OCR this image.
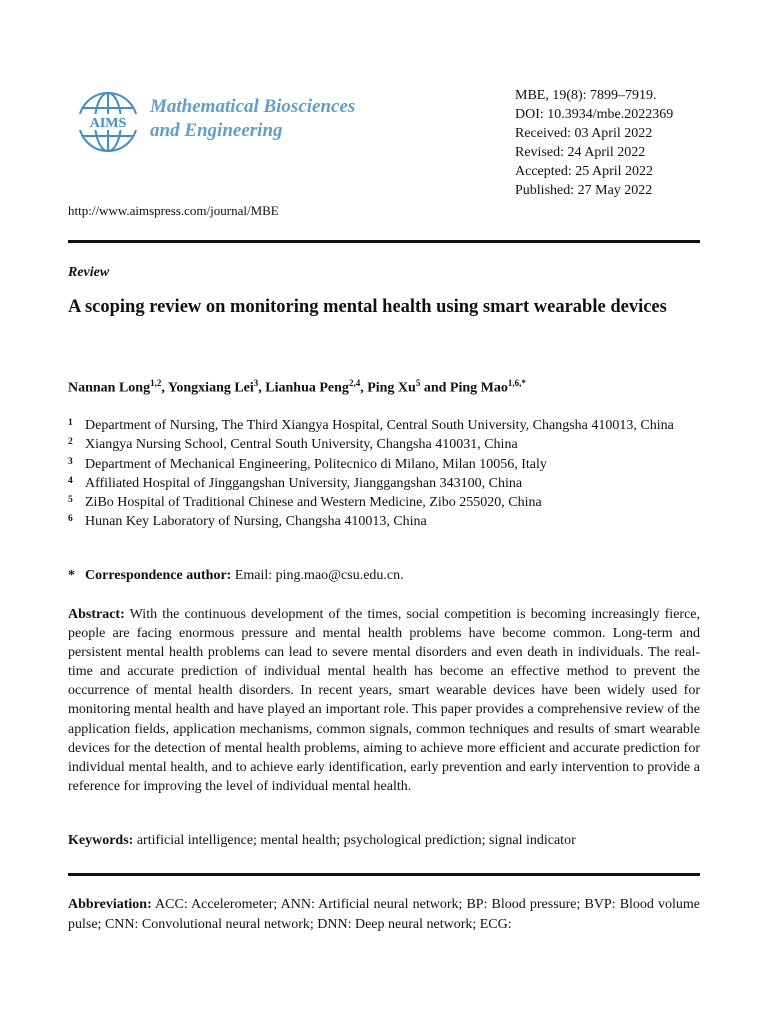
AIMS
Mathematical Biosciences
and Engineering
MBE, 19(8): 7899–7919.
DOI: 10.3934/mbe.2022369
Received: 03 April 2022
Revised: 24 April 2022
Accepted: 25 April 2022
Published: 27 May 2022
http://www.aimspress.com/journal/MBE
Review
A scoping review on monitoring mental health using smart wearable devices
Nannan Long$^{1,2}$, Yongxiang Lei$^3$, Lianhua Peng$^{2,4}$, Ping Xu$^5$ and Ping Mao$^{1,6,*}$
1 Department of Nursing, The Third Xiangya Hospital, Central South University, Changsha 410013, China
2 Xiangya Nursing School, Central South University, Changsha 410031, China
3 Department of Mechanical Engineering, Politecnico di Milano, Milan 10056, Italy
4 Affiliated Hospital of Jinggangshan University, Jianggangshan 343100, China
5 ZiBo Hospital of Traditional Chinese and Western Medicine, Zibo 255020, China
6 Hunan Key Laboratory of Nursing, Changsha 410013, China
* Correspondence author: Email: ping.mao@csu.edu.cn.

Abstract: With the continuous development of the times, social competition is becoming increasingly fierce, people are facing enormous pressure and mental health problems have become common. Long-term and persistent mental health problems can lead to severe mental disorders and even death in individuals. The real-time and accurate prediction of individual mental health has become an effective method to prevent the occurrence of mental health disorders. In recent years, smart wearable devices have been widely used for monitoring mental health and have played an important role. This paper provides a comprehensive review of the application fields, application mechanisms, common signals, common techniques and results of smart wearable devices for the detection of mental health problems, aiming to achieve more efficient and accurate prediction for individual mental health, and to achieve early identification, early prevention and early intervention to provide a reference for improving the level of individual mental health.

Keywords: artificial intelligence; mental health; psychological prediction; signal indicator

Abbreviation: ACC: Accelerometer; ANN: Artificial neural network; BP: Blood pressure; BVP: Blood volume pulse; CNN: Convolutional neural network; DNN: Deep neural network; ECG:
